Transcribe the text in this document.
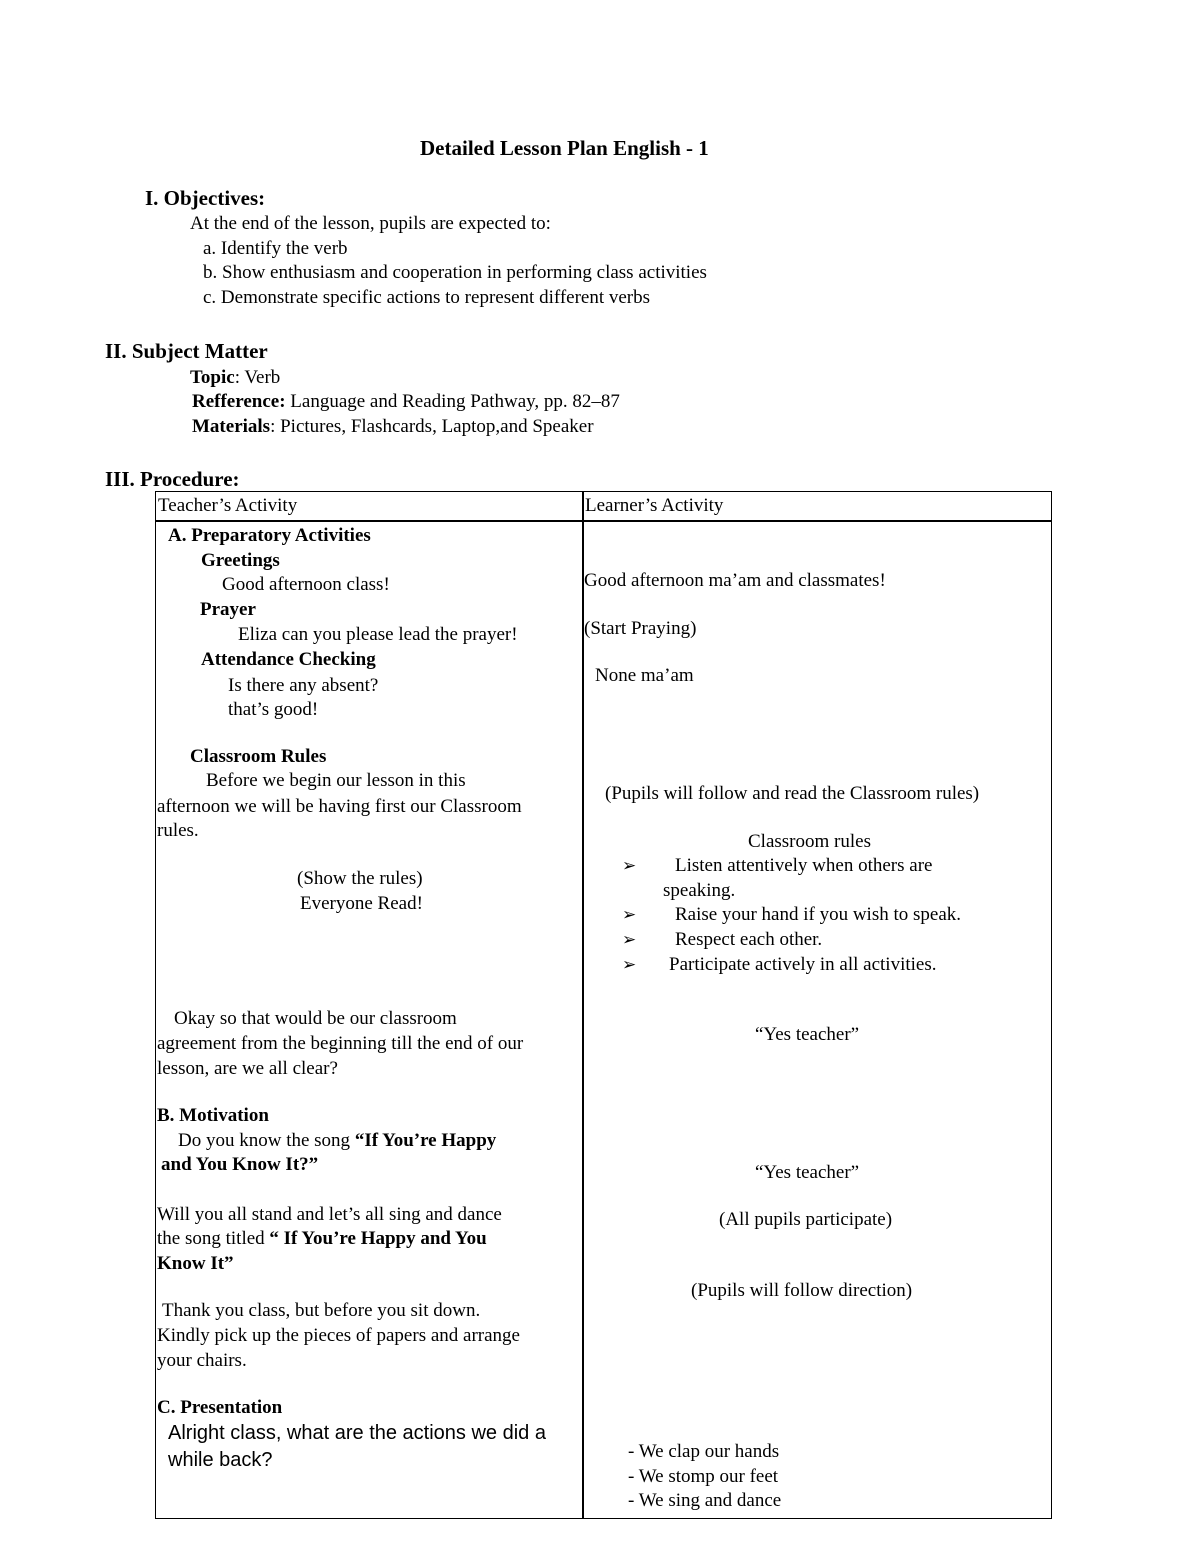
Detailed Lesson Plan English - 1
I. Objectives:
At the end of the lesson, pupils are expected to:
a. Identify the verb
b. Show enthusiasm and cooperation in performing class activities
c. Demonstrate specific actions to represent different verbs
II. Subject Matter
Topic: Verb
Refference: Language and Reading Pathway, pp. 82–87
Materials: Pictures, Flashcards, Laptop,and Speaker
III. Procedure:
Teacher’s Activity	Learner’s Activity
A. Preparatory Activities
Greetings
Good afternoon class!
Prayer
Eliza can you please lead the prayer!
Attendance Checking
Is there any absent?
that’s good!
Classroom Rules
Before we begin our lesson in this
afternoon we will be having first our Classroom
rules.
(Show the rules)
Everyone Read!
Okay so that would be our classroom
agreement from the beginning till the end of our
lesson, are we all clear?
B. Motivation
Do you know the song “If You’re Happy
and You Know It?”
Will you all stand and let’s all sing and dance
the song titled “ If You’re Happy and You
Know It”
Thank you class, but before you sit down.
Kindly pick up the pieces of papers and arrange
your chairs.
C. Presentation
Alright class, what are the actions we did a
while back?
Good afternoon ma’am and classmates!
(Start Praying)
None ma’am
(Pupils will follow and read the Classroom rules)
Classroom rules
➢ Listen attentively when others are
speaking.
➢ Raise your hand if you wish to speak.
➢ Respect each other.
➢ Participate actively in all activities.
“Yes teacher”
“Yes teacher”
(All pupils participate)
(Pupils will follow direction)
- We clap our hands
- We stomp our feet
- We sing and dance
